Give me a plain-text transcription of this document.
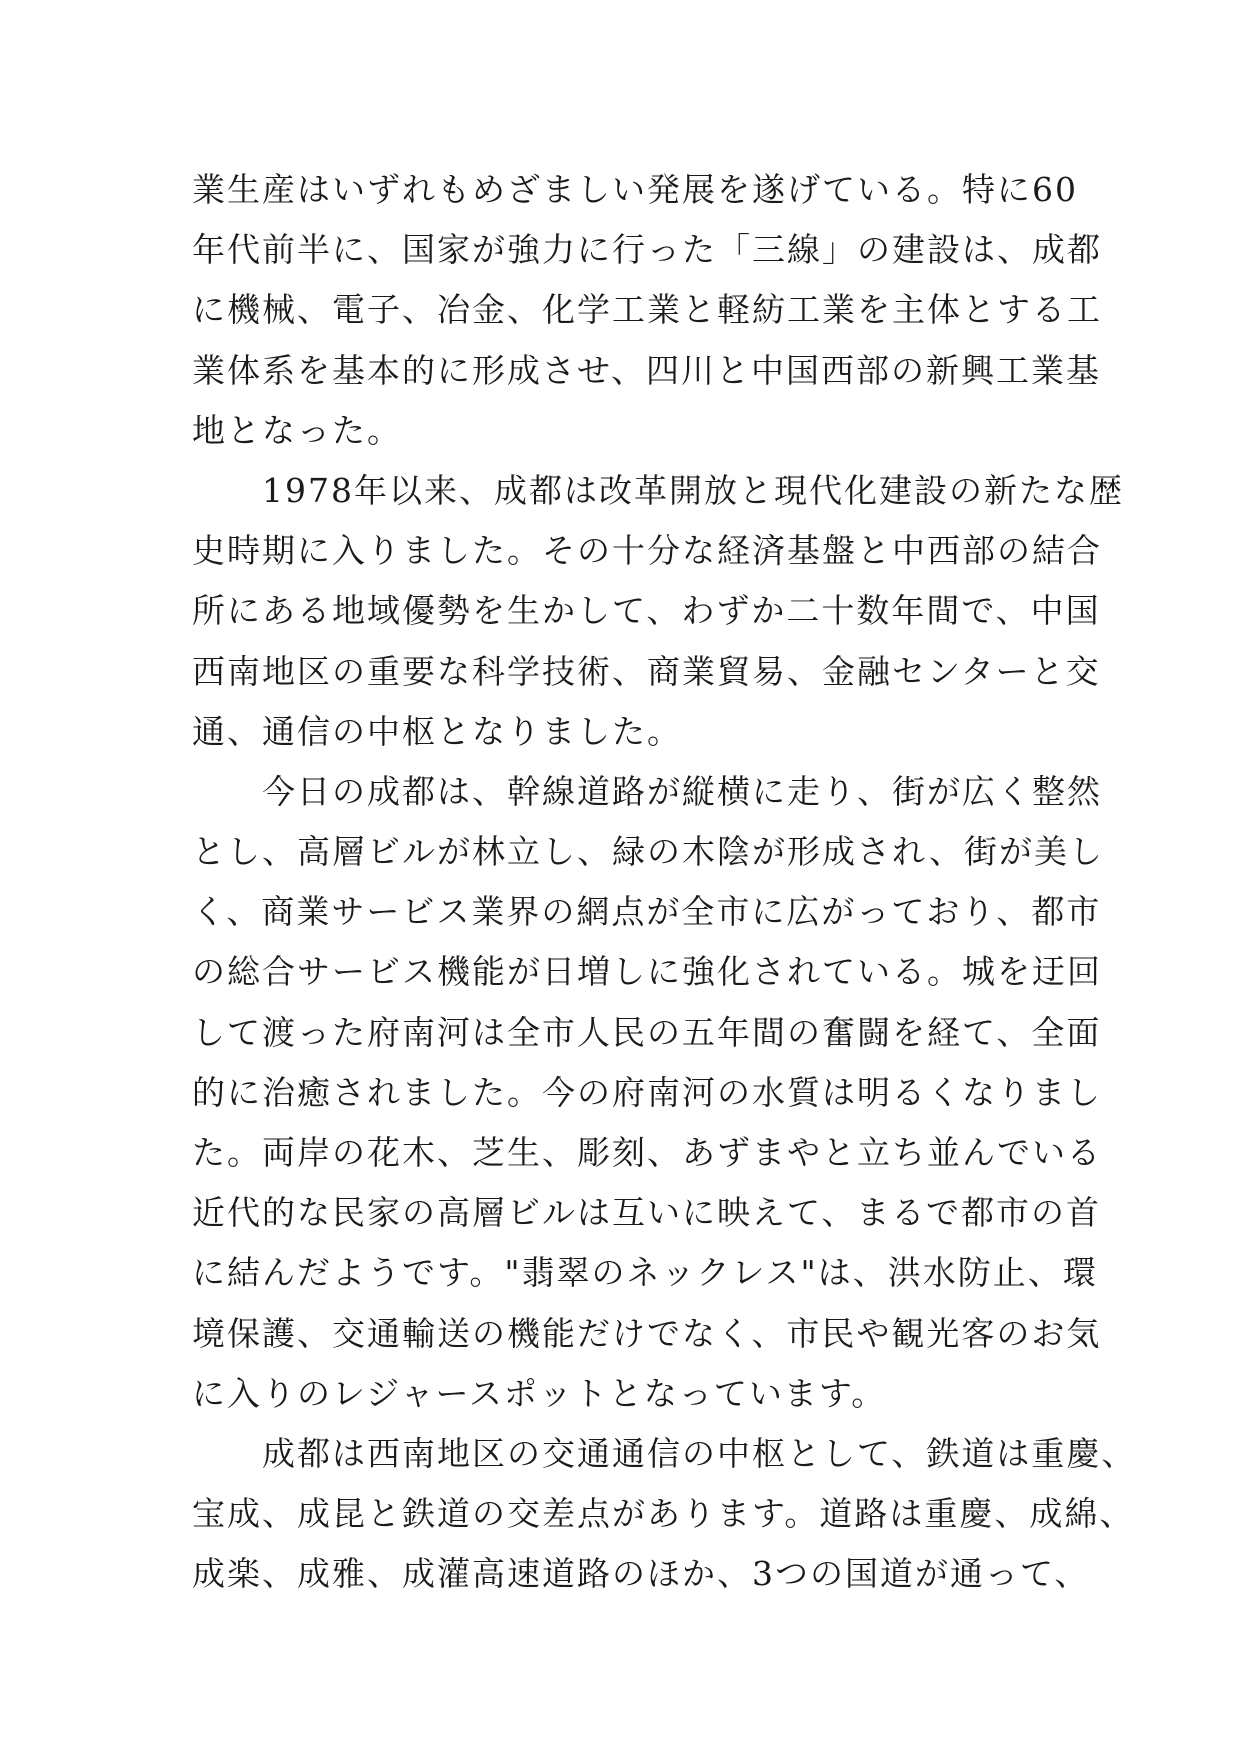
業生産はいずれもめざましい発展を遂げている。特に60
年代前半に、国家が強力に行った「三線」の建設は、成都
に機械、電子、冶金、化学工業と軽紡工業を主体とする工
業体系を基本的に形成させ、四川と中国西部の新興工業基
地となった。
　　1978年以来、成都は改革開放と現代化建設の新たな歴
史時期に入りました。その十分な経済基盤と中西部の結合
所にある地域優勢を生かして、わずか二十数年間で、中国
西南地区の重要な科学技術、商業貿易、金融センターと交
通、通信の中枢となりました。
　　今日の成都は、幹線道路が縦横に走り、街が広く整然
とし、高層ビルが林立し、緑の木陰が形成され、街が美し
く、商業サービス業界の網点が全市に広がっており、都市
の総合サービス機能が日増しに強化されている。城を迂回
して渡った府南河は全市人民の五年間の奮闘を経て、全面
的に治癒されました。今の府南河の水質は明るくなりまし
た。両岸の花木、芝生、彫刻、あずまやと立ち並んでいる
近代的な民家の高層ビルは互いに映えて、まるで都市の首
に結んだようです。"翡翠のネックレス"は、洪水防止、環
境保護、交通輸送の機能だけでなく、市民や観光客のお気
に入りのレジャースポットとなっています。
　　成都は西南地区の交通通信の中枢として、鉄道は重慶、
宝成、成昆と鉄道の交差点があります。道路は重慶、成綿、
成楽、成雅、成灌高速道路のほか、3つの国道が通って、
